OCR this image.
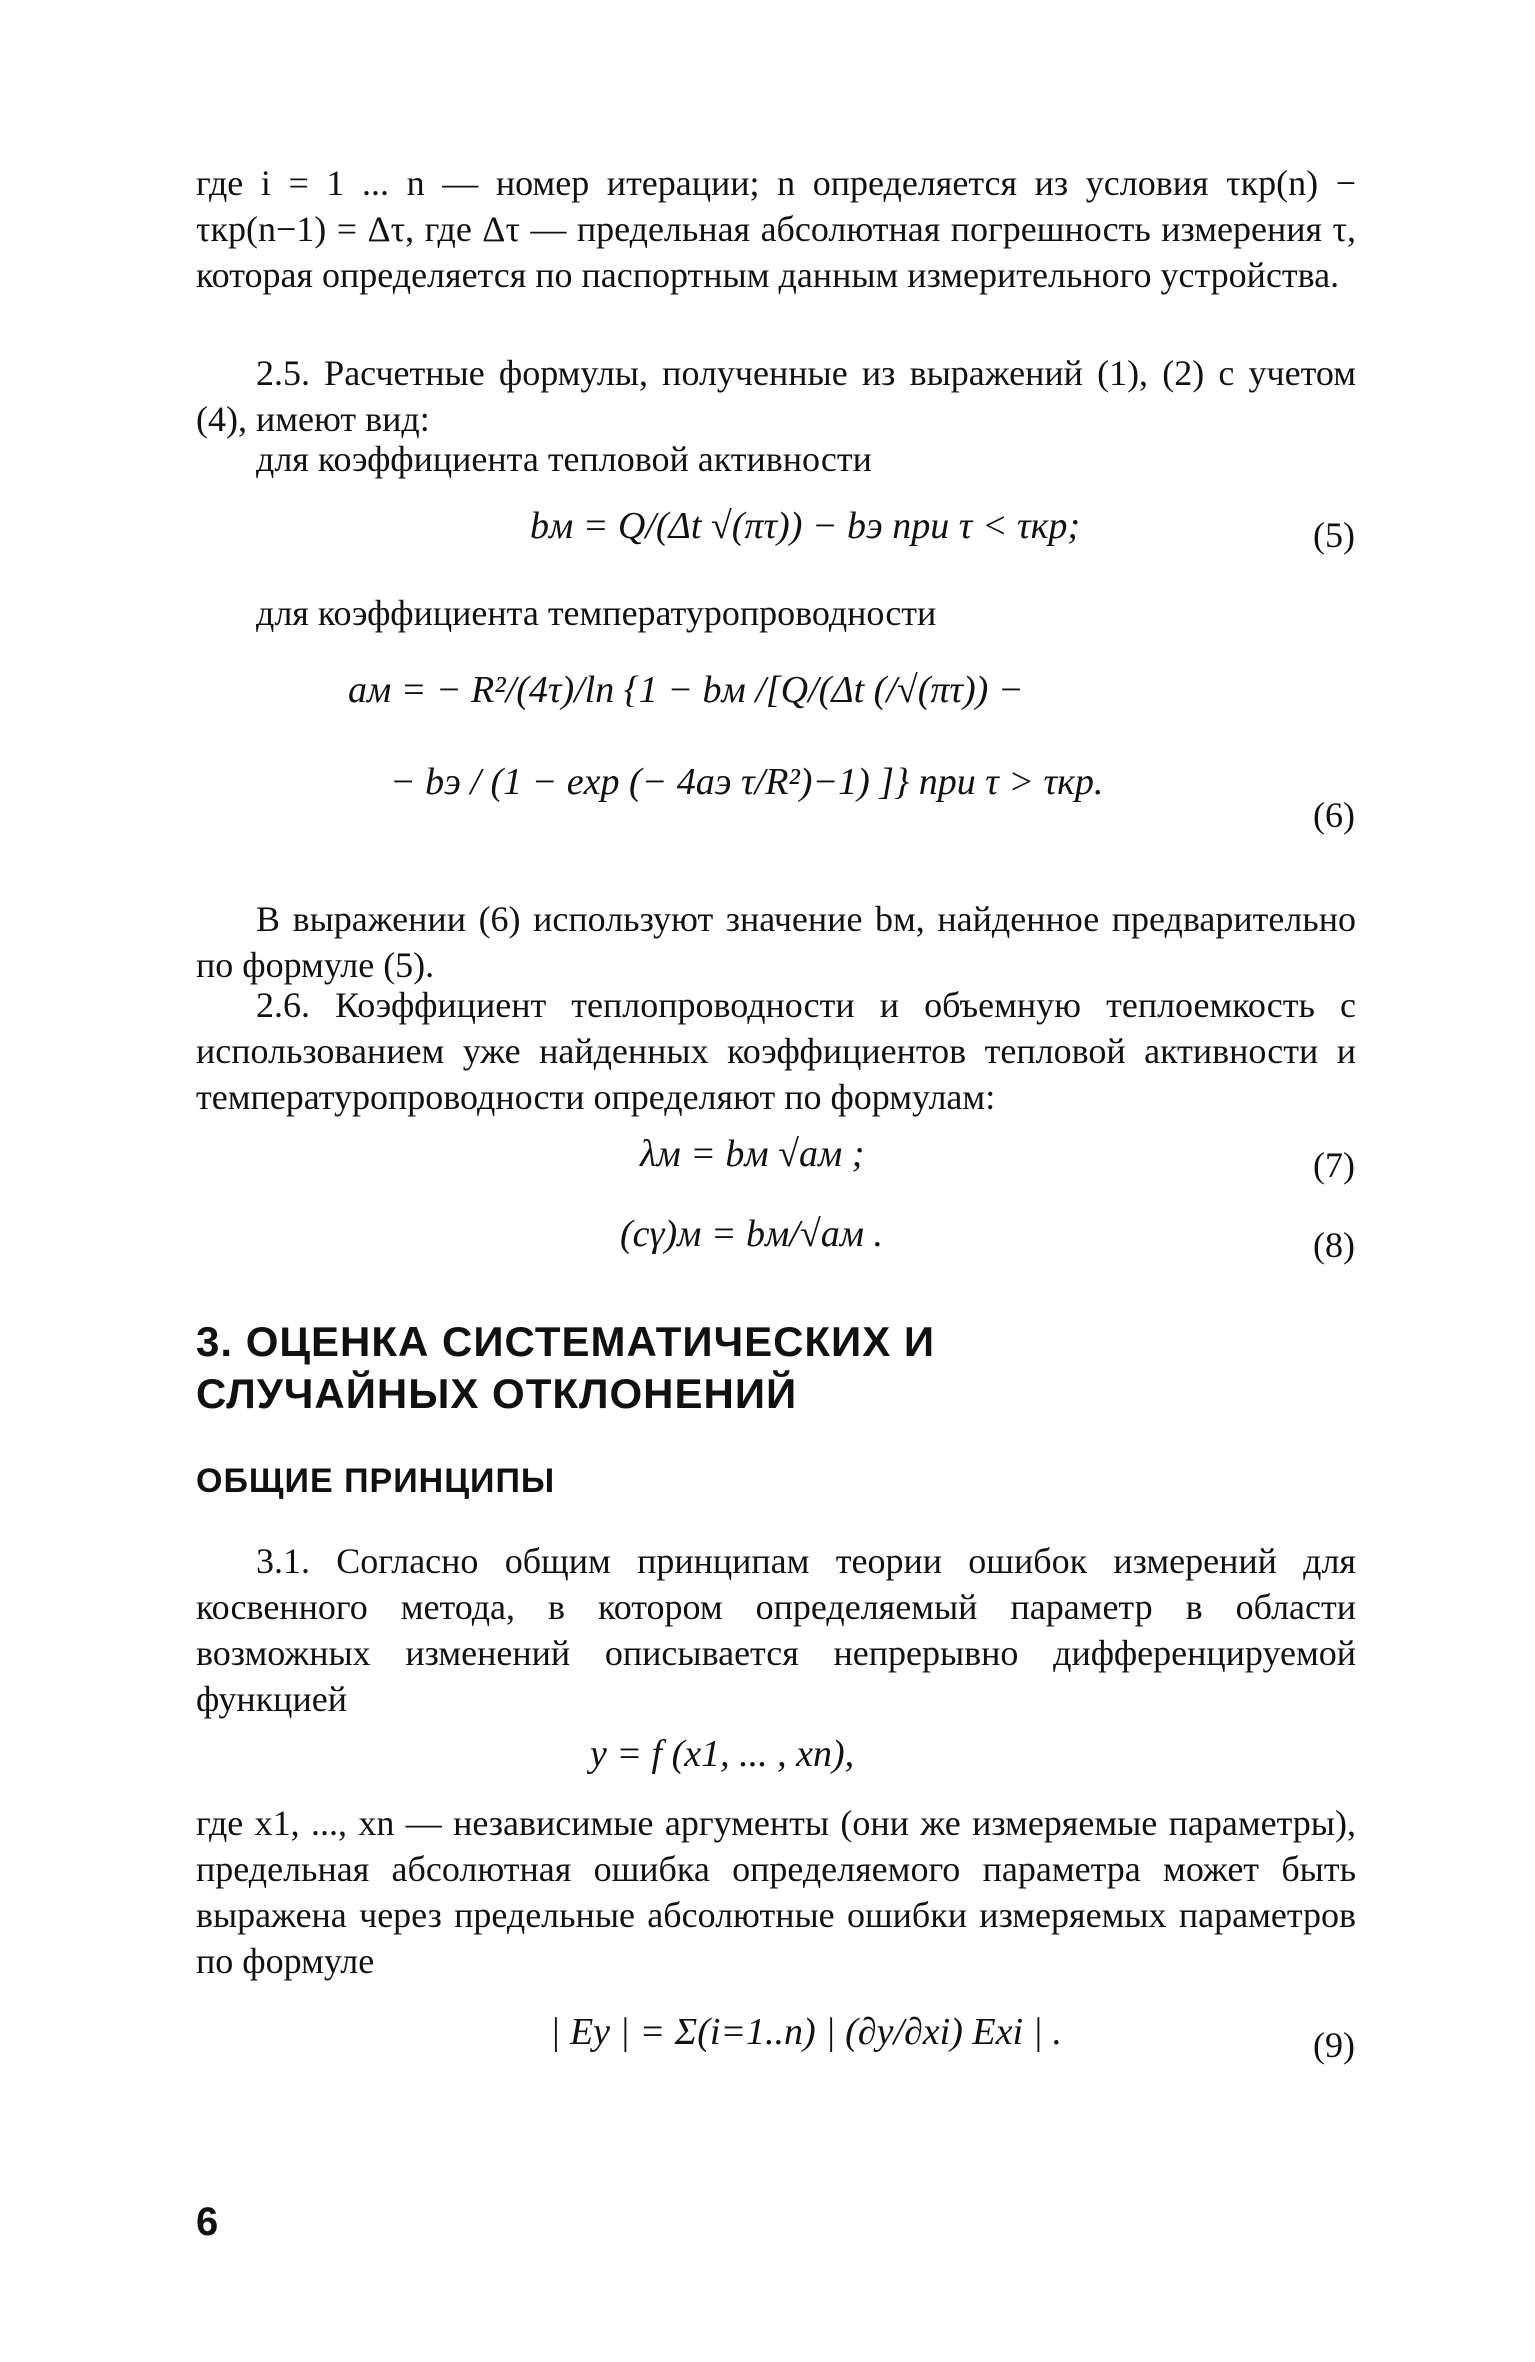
где i = 1 ... n — номер итерации; n определяется из условия τкр(n) − τкр(n−1) = Δτ, где Δτ — предельная абсолютная погрешность измерения τ, которая определяется по паспортным данным измерительного устройства.

2.5. Расчетные формулы, полученные из выражений (1), (2) с учетом (4), имеют вид:

для коэффициента тепловой активности
bм = Q/(Δt √(πτ)) − bэ при τ < τкр;	(5)
для коэффициента температуропроводности
aм = − R²/(4τ)/ln {1 − bм /[Q/(Δt (/√(πτ)) −
− bэ / (1 − exp (− 4aэ τ/R²)−1) ]} при τ > τкр.
(6)

В выражении (6) используют значение bм, найденное предварительно по формуле (5).

2.6. Коэффициент теплопроводности и объемную теплоемкость с использованием уже найденных коэффициентов тепловой активности и температуропроводности определяют по формулам:

λм = bм √aм ;	(7)
(cγ)м = bм/√aм .	(8)
3. ОЦЕНКА СИСТЕМАТИЧЕСКИХ И СЛУЧАЙНЫХ ОТКЛОНЕНИЙ
ОБЩИЕ ПРИНЦИПЫ

3.1. Согласно общим принципам теории ошибок измерений для косвенного метода, в котором определяемый параметр в области возможных изменений описывается непрерывно дифференцируемой функцией

y = f (x1, ... , xn),

где x1, ..., xn — независимые аргументы (они же измеряемые параметры), предельная абсолютная ошибка определяемого параметра может быть выражена через предельные абсолютные ошибки измеряемых параметров по формуле

| Ey | = Σ(i=1..n) | (∂y/∂xi) Exi | .	(9)
6
